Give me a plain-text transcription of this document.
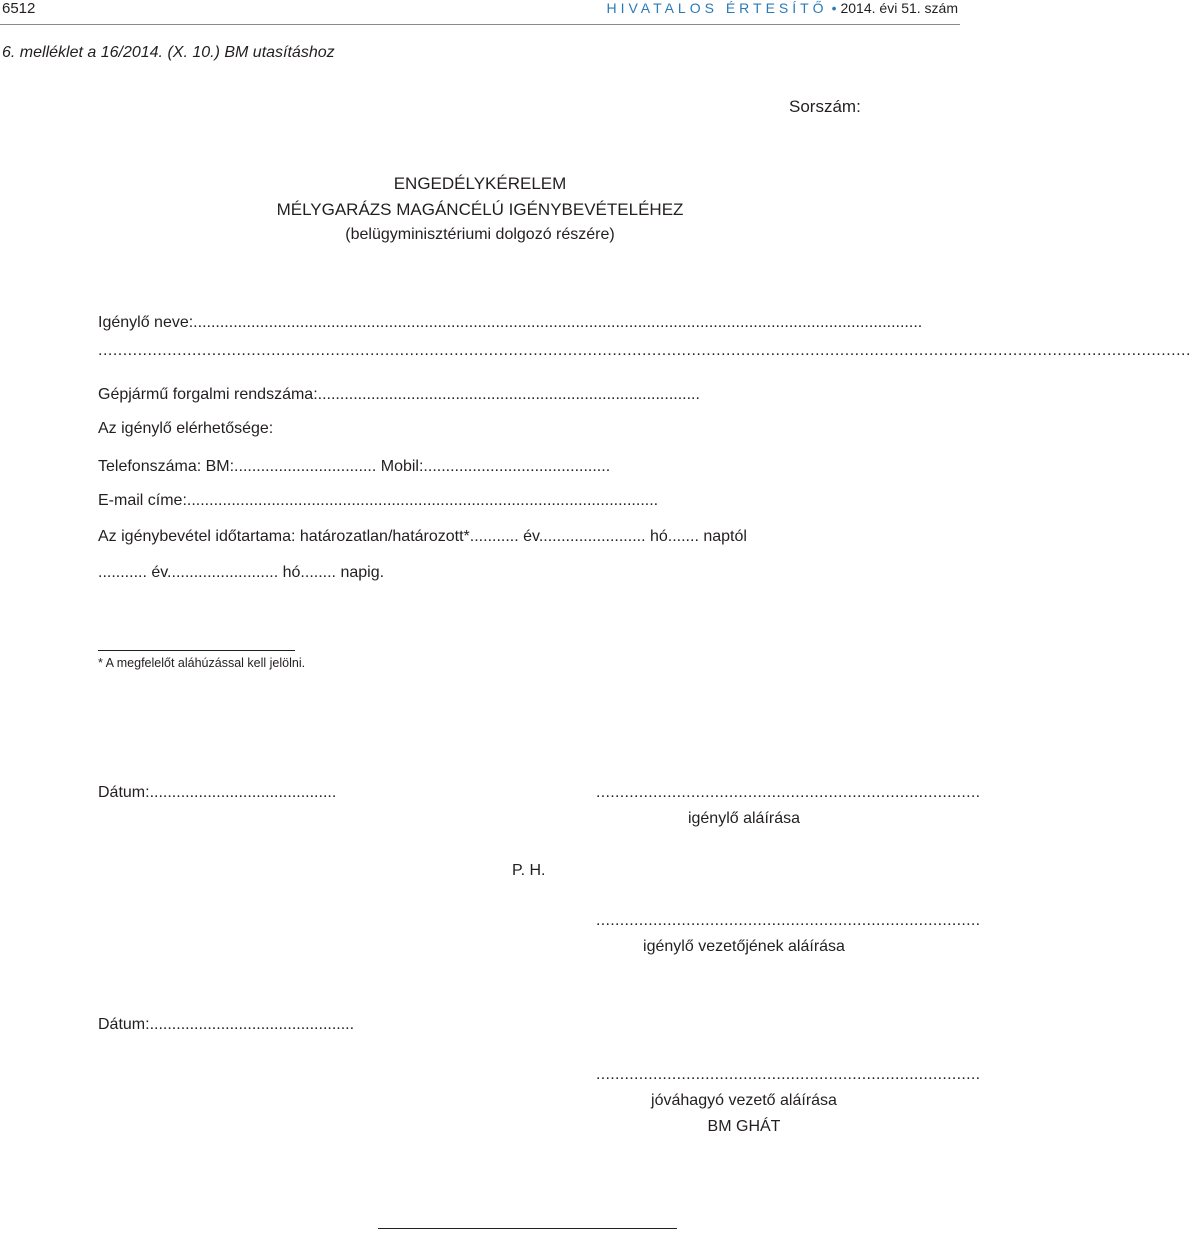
6512	HIVATALOS ÉRTESÍTŐ • 2014. évi 51. szám
6. melléklet a 16/2014. (X. 10.) BM utasításhoz
Sorszám:
ENGEDÉLYKÉRELEM
MÉLYGARÁZS MAGÁNCÉLÚ IGÉNYBEVÉTELÉHEZ
(belügyminisztériumi dolgozó részére)
Igénylő neve:....................................................................................................................................................................
.............................................................................................................................................................................................................................
Gépjármű forgalmi rendszáma:......................................................................................
Az igénylő elérhetősége:
Telefonszáma: BM:................................ Mobil:..........................................
E-mail címe:..........................................................................................................
Az igénybevétel időtartama: határozatlan/határozott*........... év........................ hó....... naptól
........... év......................... hó........ napig.
* A megfelelőt aláhúzással kell jelölni.
Dátum:..........................................	.................................................................................
igénylő aláírása
P. H.
.................................................................................
igénylő vezetőjének aláírása
Dátum:..............................................
.................................................................................
jóváhagyó vezető aláírása
BM GHÁT
